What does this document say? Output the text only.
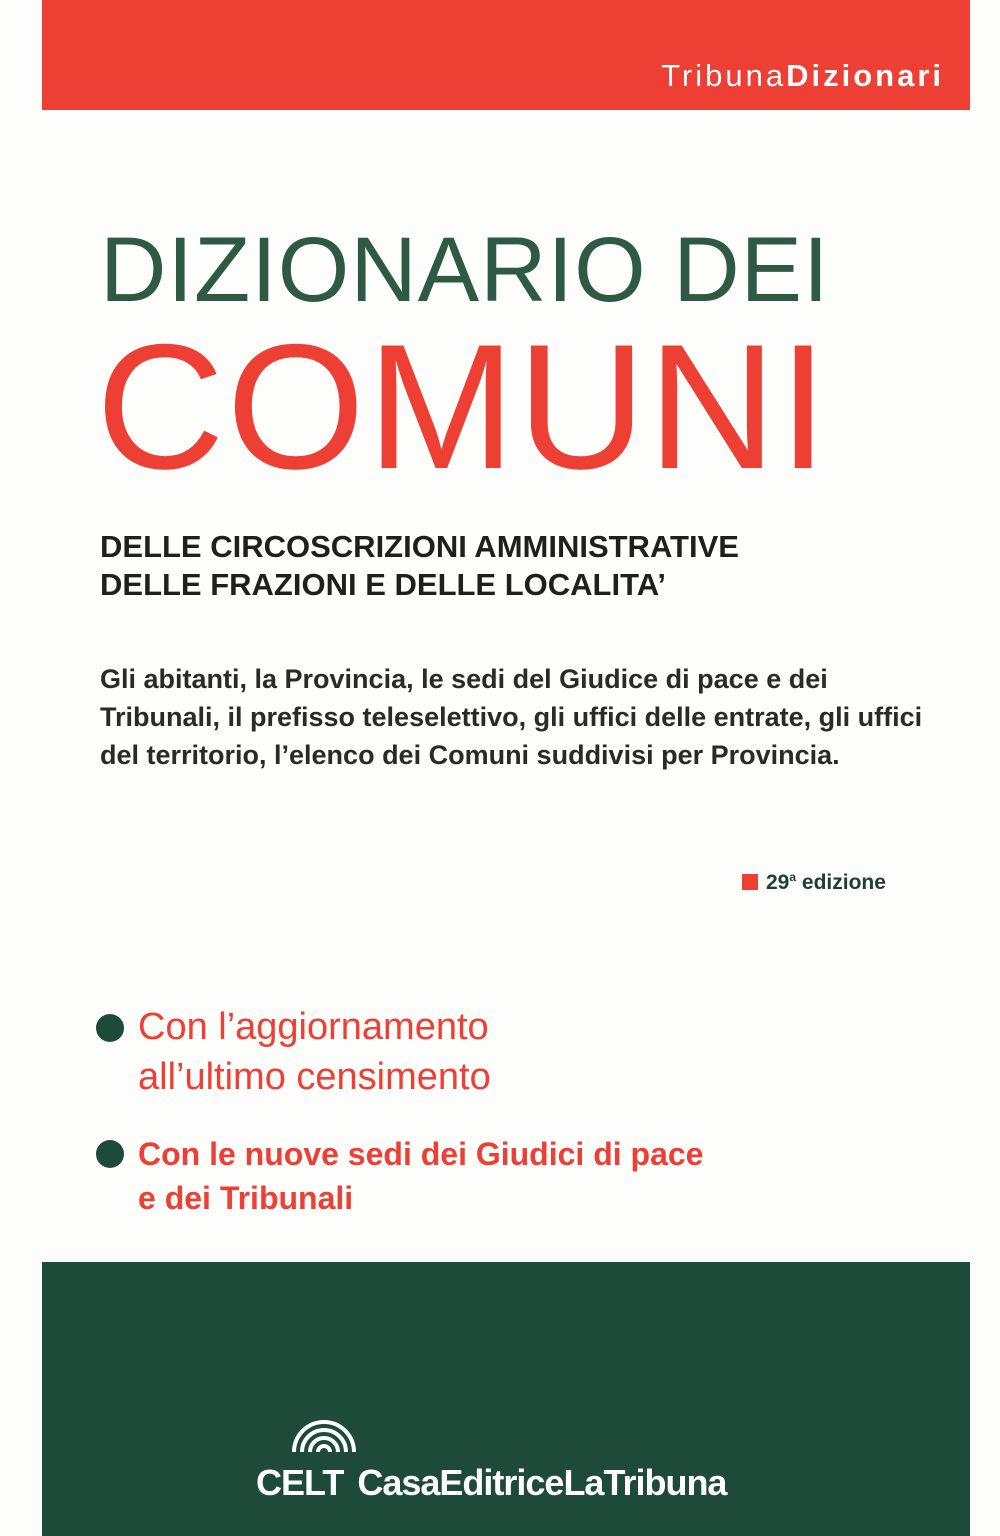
TribunaDizionari
DIZIONARIO DEI
COMUNI
DELLE CIRCOSCRIZIONI AMMINISTRATIVE
DELLE FRAZIONI E DELLE LOCALITA’
Gli abitanti, la Provincia, le sedi del Giudice di pace e dei Tribunali, il prefisso teleselettivo, gli uffici delle entrate, gli uffici del territorio, l’elenco dei Comuni suddivisi per Provincia.
29$^a$ edizione
Con l’aggiornamento
all’ultimo censimento
Con le nuove sedi dei Giudici di pace
e dei Tribunali
CELT CasaEditriceLaTribuna
